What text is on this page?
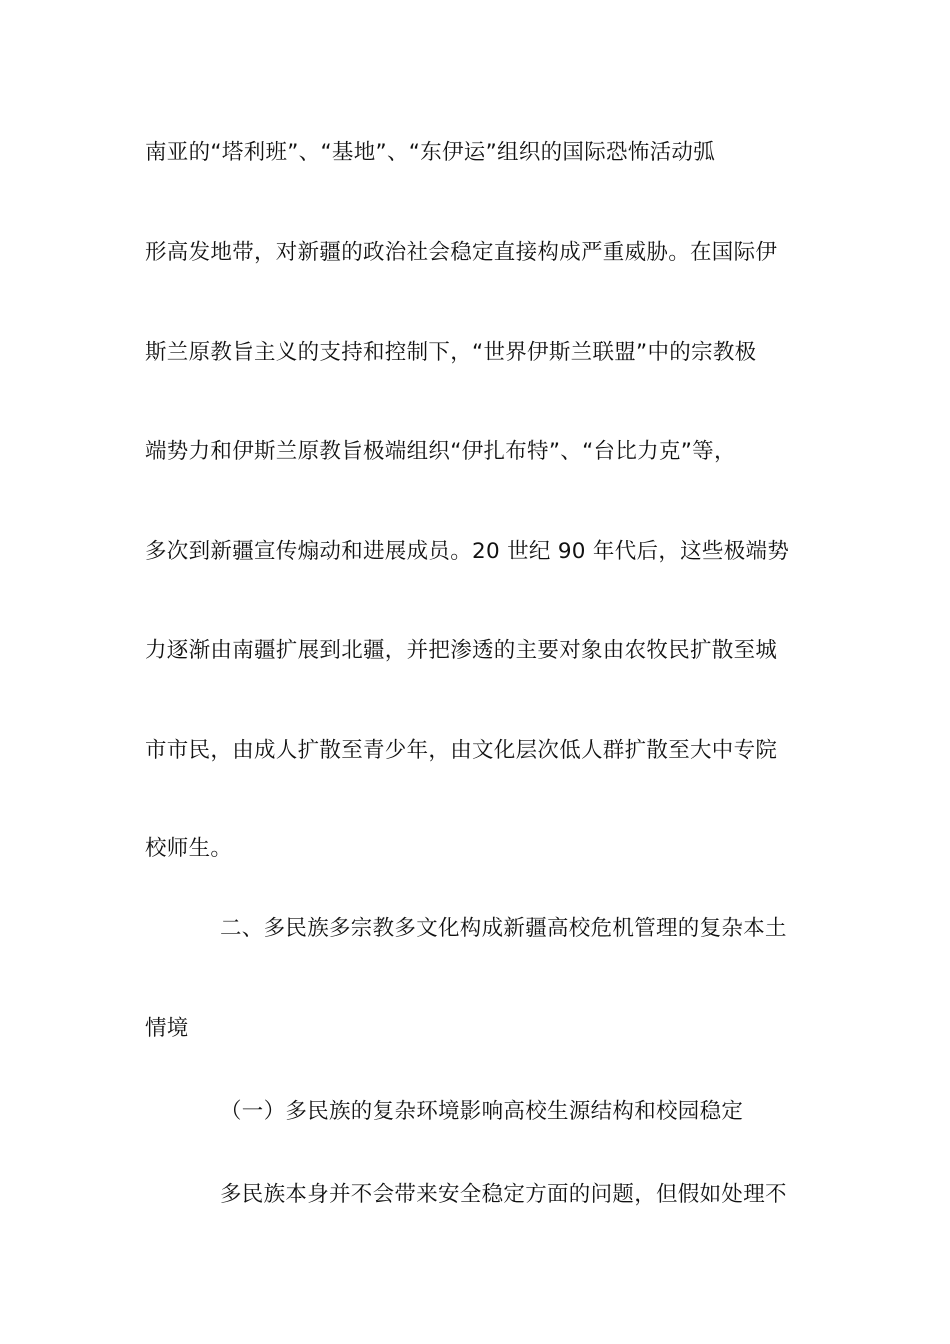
南亚的“塔利班”、“基地”、“东伊运”组织的国际恐怖活动弧
形高发地带，对新疆的政治社会稳定直接构成严重威胁。在国际伊
斯兰原教旨主义的支持和控制下，“世界伊斯兰联盟”中的宗教极
端势力和伊斯兰原教旨极端组织“伊扎布特”、“台比力克”等，
多次到新疆宣传煽动和进展成员。20 世纪 90 年代后，这些极端势
力逐渐由南疆扩展到北疆，并把渗透的主要对象由农牧民扩散至城
市市民，由成人扩散至青少年，由文化层次低人群扩散至大中专院
校师生。
二、多民族多宗教多文化构成新疆高校危机管理的复杂本土
情境
（一）多民族的复杂环境影响高校生源结构和校园稳定
多民族本身并不会带来安全稳定方面的问题，但假如处理不
